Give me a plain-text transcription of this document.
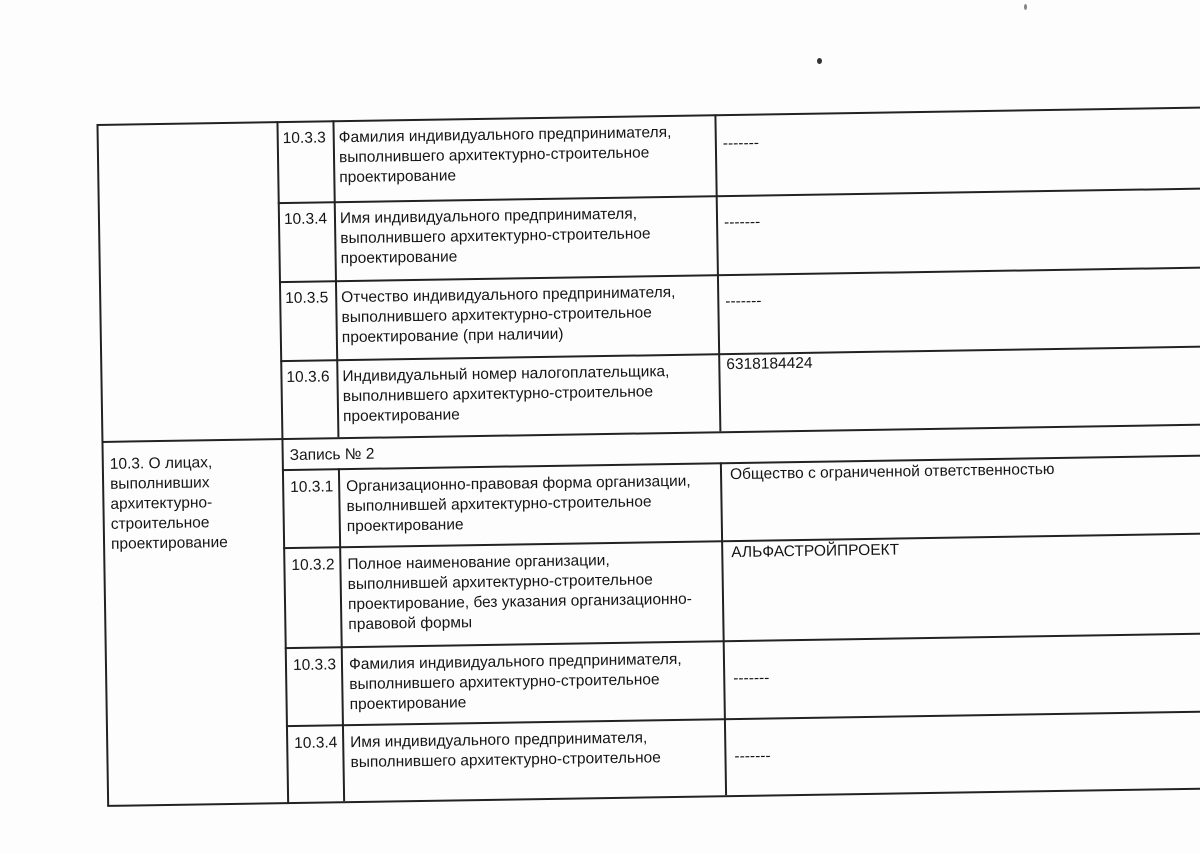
10.3. О лицах,
выполнивших
архитектурно-
строительное
проектирование
10.3.3 Фамилия индивидуального предпринимателя,
выполнившего архитектурно-строительное
проектирование
-------
10.3.4 Имя индивидуального предпринимателя,
выполнившего архитектурно-строительное
проектирование
-------
10.3.5 Отчество индивидуального предпринимателя,
выполнившего архитектурно-строительное
проектирование (при наличии)
-------
10.3.6 Индивидуальный номер налогоплательщика,
выполнившего архитектурно-строительное
проектирование
6318184424
Запись № 2
10.3.1 Организационно-правовая форма организации,
выполнившей архитектурно-строительное
проектирование
Общество с ограниченной ответственностью
10.3.2 Полное наименование организации,
выполнившей архитектурно-строительное
проектирование, без указания организационно-
правовой формы
АЛЬФАСТРОЙПРОЕКТ
10.3.3 Фамилия индивидуального предпринимателя,
выполнившего архитектурно-строительное
проектирование
-------
10.3.4 Имя индивидуального предпринимателя,
выполнившего архитектурно-строительное	-------
